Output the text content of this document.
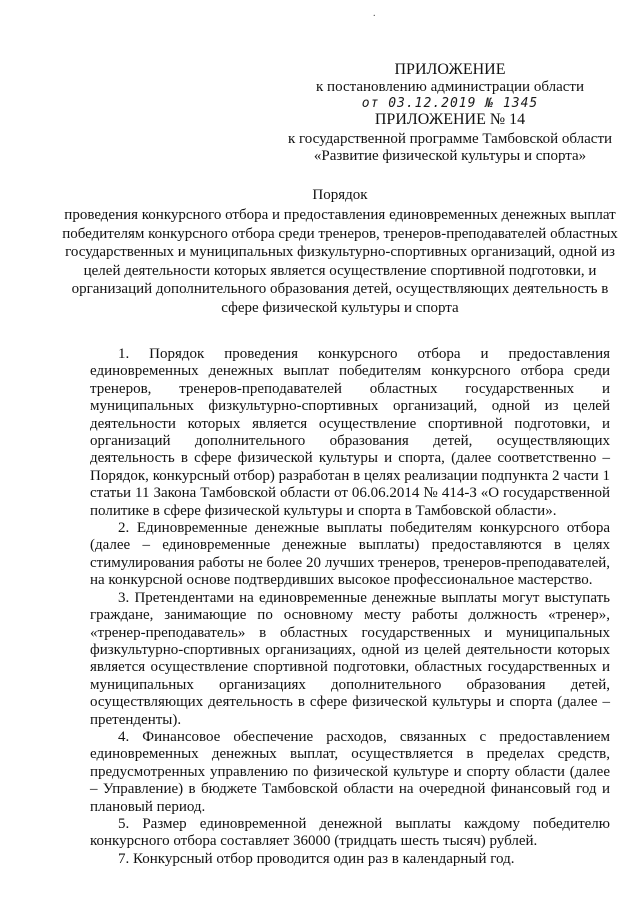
.
ПРИЛОЖЕНИЕ
к постановлению администрации области
от 03.12.2019 № 1345
ПРИЛОЖЕНИЕ № 14
к государственной программе Тамбовской области
«Развитие физической культуры и спорта»
Порядок
проведения конкурсного отбора и предоставления единовременных денежных выплат победителям конкурсного отбора среди тренеров, тренеров-преподавателей областных государственных и муниципальных физкультурно-спортивных организаций, одной из целей деятельности которых является осуществление спортивной подготовки, и организаций дополнительного образования детей, осуществляющих деятельность в сфере физической культуры и спорта

1. Порядок проведения конкурсного отбора и предоставления единовременных денежных выплат победителям конкурсного отбора среди тренеров, тренеров-преподавателей областных государственных и муниципальных физкультурно-спортивных организаций, одной из целей деятельности которых является осуществление спортивной подготовки, и организаций дополнительного образования детей, осуществляющих деятельность в сфере физической культуры и спорта, (далее соответственно – Порядок, конкурсный отбор) разработан в целях реализации подпункта 2 части 1 статьи 11 Закона Тамбовской области от 06.06.2014 № 414-З «О государственной политике в сфере физической культуры и спорта в Тамбовской области».

2. Единовременные денежные выплаты победителям конкурсного отбора (далее – единовременные денежные выплаты) предоставляются в целях стимулирования работы не более 20 лучших тренеров, тренеров-преподавателей, на конкурсной основе подтвердивших высокое профессиональное мастерство.

3. Претендентами на единовременные денежные выплаты могут выступать граждане, занимающие по основному месту работы должность «тренер», «тренер-преподаватель» в областных государственных и муниципальных физкультурно-спортивных организациях, одной из целей деятельности которых является осуществление спортивной подготовки, областных государственных и муниципальных организациях дополнительного образования детей, осуществляющих деятельность в сфере физической культуры и спорта (далее – претенденты).

4. Финансовое обеспечение расходов, связанных с предоставлением единовременных денежных выплат, осуществляется в пределах средств, предусмотренных управлению по физической культуре и спорту области (далее – Управление) в бюджете Тамбовской области на очередной финансовый год и плановый период.

5. Размер единовременной денежной выплаты каждому победителю конкурсного отбора составляет 36000 (тридцать шесть тысяч) рублей.

7. Конкурсный отбор проводится один раз в календарный год.
